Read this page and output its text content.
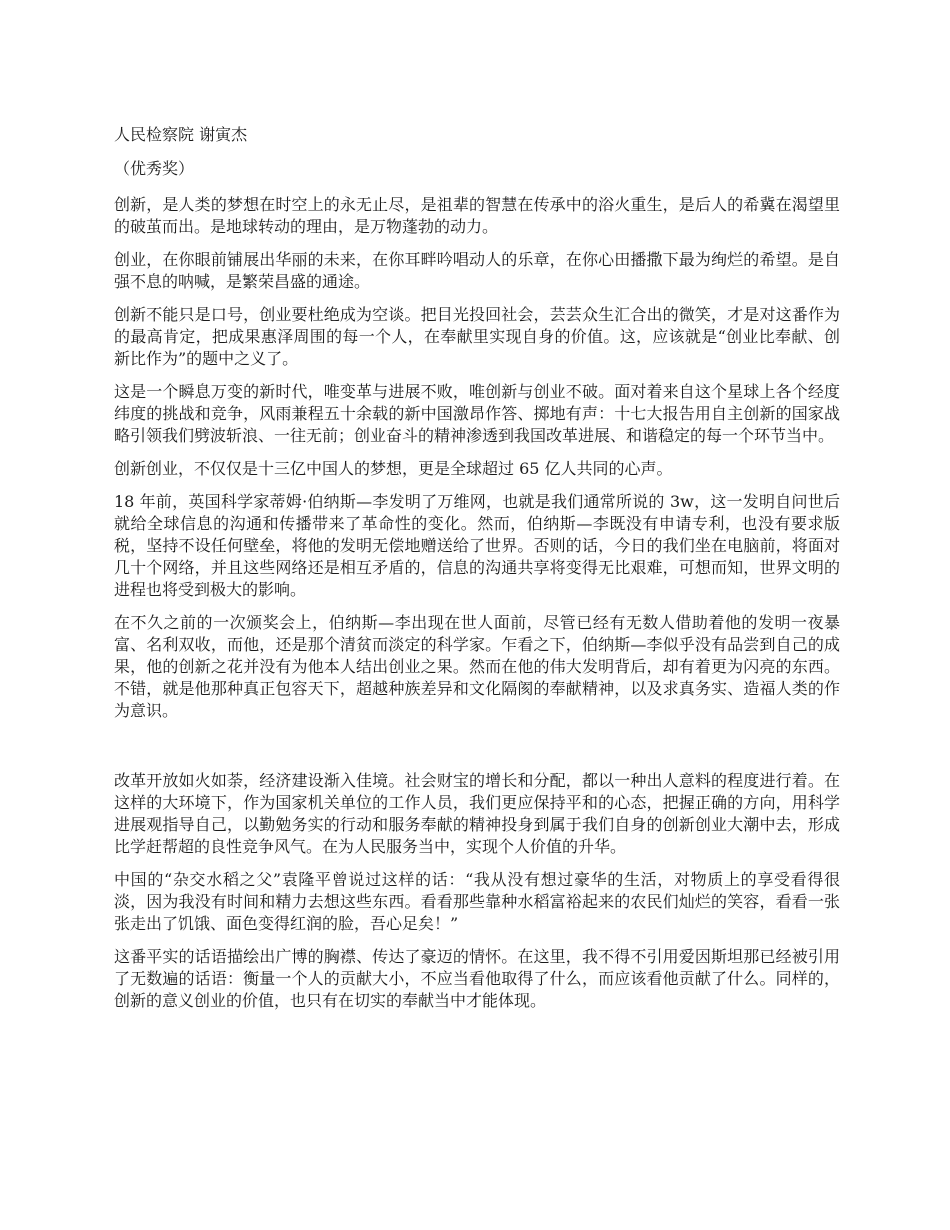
人民检察院 谢寅杰

（优秀奖）

创新，是人类的梦想在时空上的永无止尽，是祖辈的智慧在传承中的浴火重生，是后人的希冀在渴望里的破茧而出。是地球转动的理由，是万物蓬勃的动力。

创业，在你眼前铺展出华丽的未来，在你耳畔吟唱动人的乐章，在你心田播撒下最为绚烂的希望。是自强不息的呐喊，是繁荣昌盛的通途。

创新不能只是口号，创业要杜绝成为空谈。把目光投回社会，芸芸众生汇合出的微笑，才是对这番作为的最高肯定，把成果惠泽周围的每一个人，在奉献里实现自身的价值。这，应该就是“创业比奉献、创新比作为”的题中之义了。

这是一个瞬息万变的新时代，唯变革与进展不败，唯创新与创业不破。面对着来自这个星球上各个经度纬度的挑战和竞争，风雨兼程五十余载的新中国激昂作答、掷地有声：十七大报告用自主创新的国家战略引领我们劈波斩浪、一往无前；创业奋斗的精神渗透到我国改革进展、和谐稳定的每一个环节当中。

创新创业，不仅仅是十三亿中国人的梦想，更是全球超过 65 亿人共同的心声。

18 年前，英国科学家蒂姆·伯纳斯—李发明了万维网，也就是我们通常所说的 3w，这一发明自问世后就给全球信息的沟通和传播带来了革命性的变化。然而，伯纳斯—李既没有申请专利，也没有要求版税，坚持不设任何壁垒，将他的发明无偿地赠送给了世界。否则的话，今日的我们坐在电脑前，将面对几十个网络，并且这些网络还是相互矛盾的，信息的沟通共享将变得无比艰难，可想而知，世界文明的进程也将受到极大的影响。

在不久之前的一次颁奖会上，伯纳斯—李出现在世人面前，尽管已经有无数人借助着他的发明一夜暴富、名利双收，而他，还是那个清贫而淡定的科学家。乍看之下，伯纳斯—李似乎没有品尝到自己的成果，他的创新之花并没有为他本人结出创业之果。然而在他的伟大发明背后，却有着更为闪亮的东西。不错，就是他那种真正包容天下，超越种族差异和文化隔阂的奉献精神，以及求真务实、造福人类的作为意识。

改革开放如火如荼，经济建设渐入佳境。社会财宝的增长和分配，都以一种出人意料的程度进行着。在这样的大环境下，作为国家机关单位的工作人员，我们更应保持平和的心态，把握正确的方向，用科学进展观指导自己，以勤勉务实的行动和服务奉献的精神投身到属于我们自身的创新创业大潮中去，形成比学赶帮超的良性竞争风气。在为人民服务当中，实现个人价值的升华。

中国的“杂交水稻之父”袁隆平曾说过这样的话：“我从没有想过豪华的生活，对物质上的享受看得很淡，因为我没有时间和精力去想这些东西。看看那些靠种水稻富裕起来的农民们灿烂的笑容，看看一张张走出了饥饿、面色变得红润的脸，吾心足矣！”

这番平实的话语描绘出广博的胸襟、传达了豪迈的情怀。在这里，我不得不引用爱因斯坦那已经被引用了无数遍的话语：衡量一个人的贡献大小，不应当看他取得了什么，而应该看他贡献了什么。同样的，创新的意义创业的价值，也只有在切实的奉献当中才能体现。
